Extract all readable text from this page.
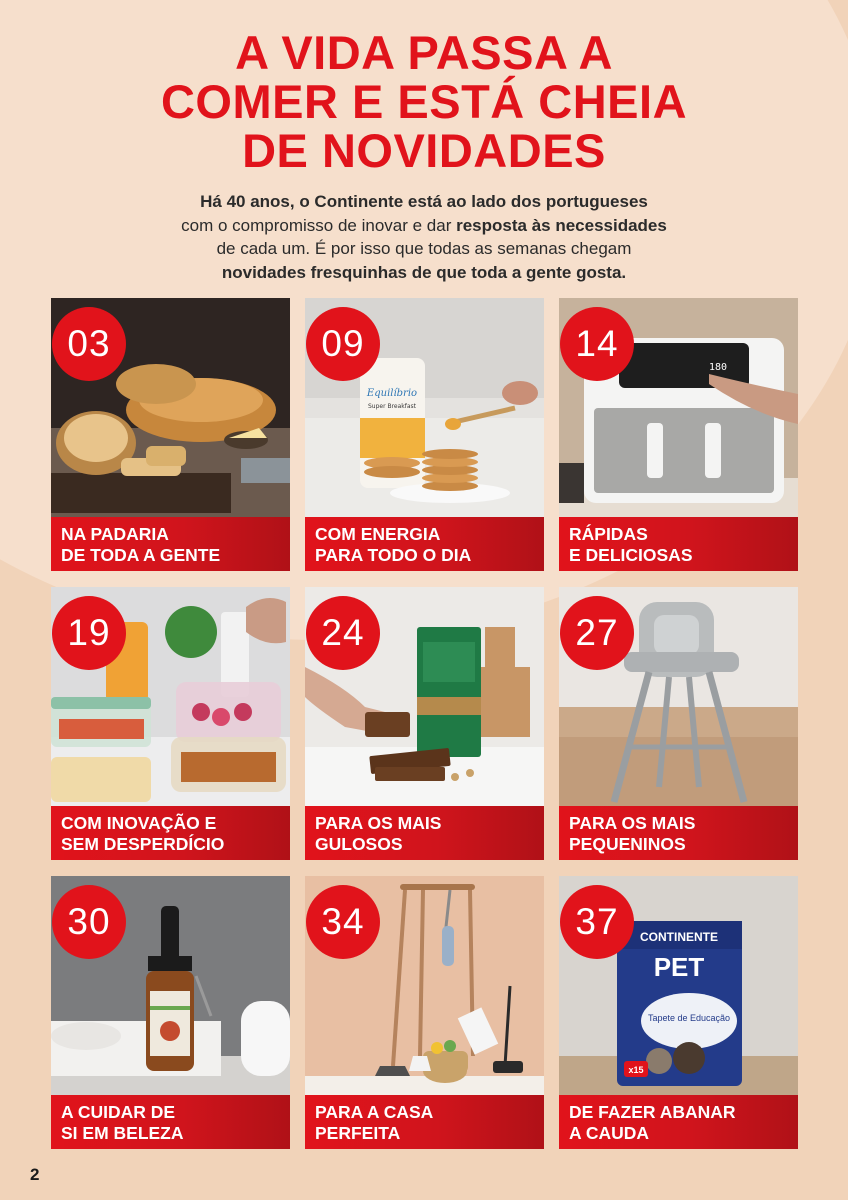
A VIDA PASSA A
COMER E ESTÁ CHEIA
DE NOVIDADES

Há 40 anos, o Continente está ao lado dos portugueses

com o compromisso de inovar e dar resposta às necessidades

de cada um. É por isso que todas as semanas chegam

novidades fresquinhas de que toda a gente gosta.

03
NA PADARIA
DE TODA A GENTE
Equilíbrio
Super Breakfast
09
COM ENERGIA
PARA TODO O DIA
180
14
RÁPIDAS
E DELICIOSAS
19
COM INOVAÇÃO E
SEM DESPERDÍCIO
24
PARA OS MAIS
GULOSOS
27
PARA OS MAIS
PEQUENINOS
30
A CUIDAR DE
SI EM BELEZA
34
PARA A CASA
PERFEITA
CONTINENTE
PET
Tapete de Educação
x15
37
DE FAZER ABANAR
A CAUDA
2
